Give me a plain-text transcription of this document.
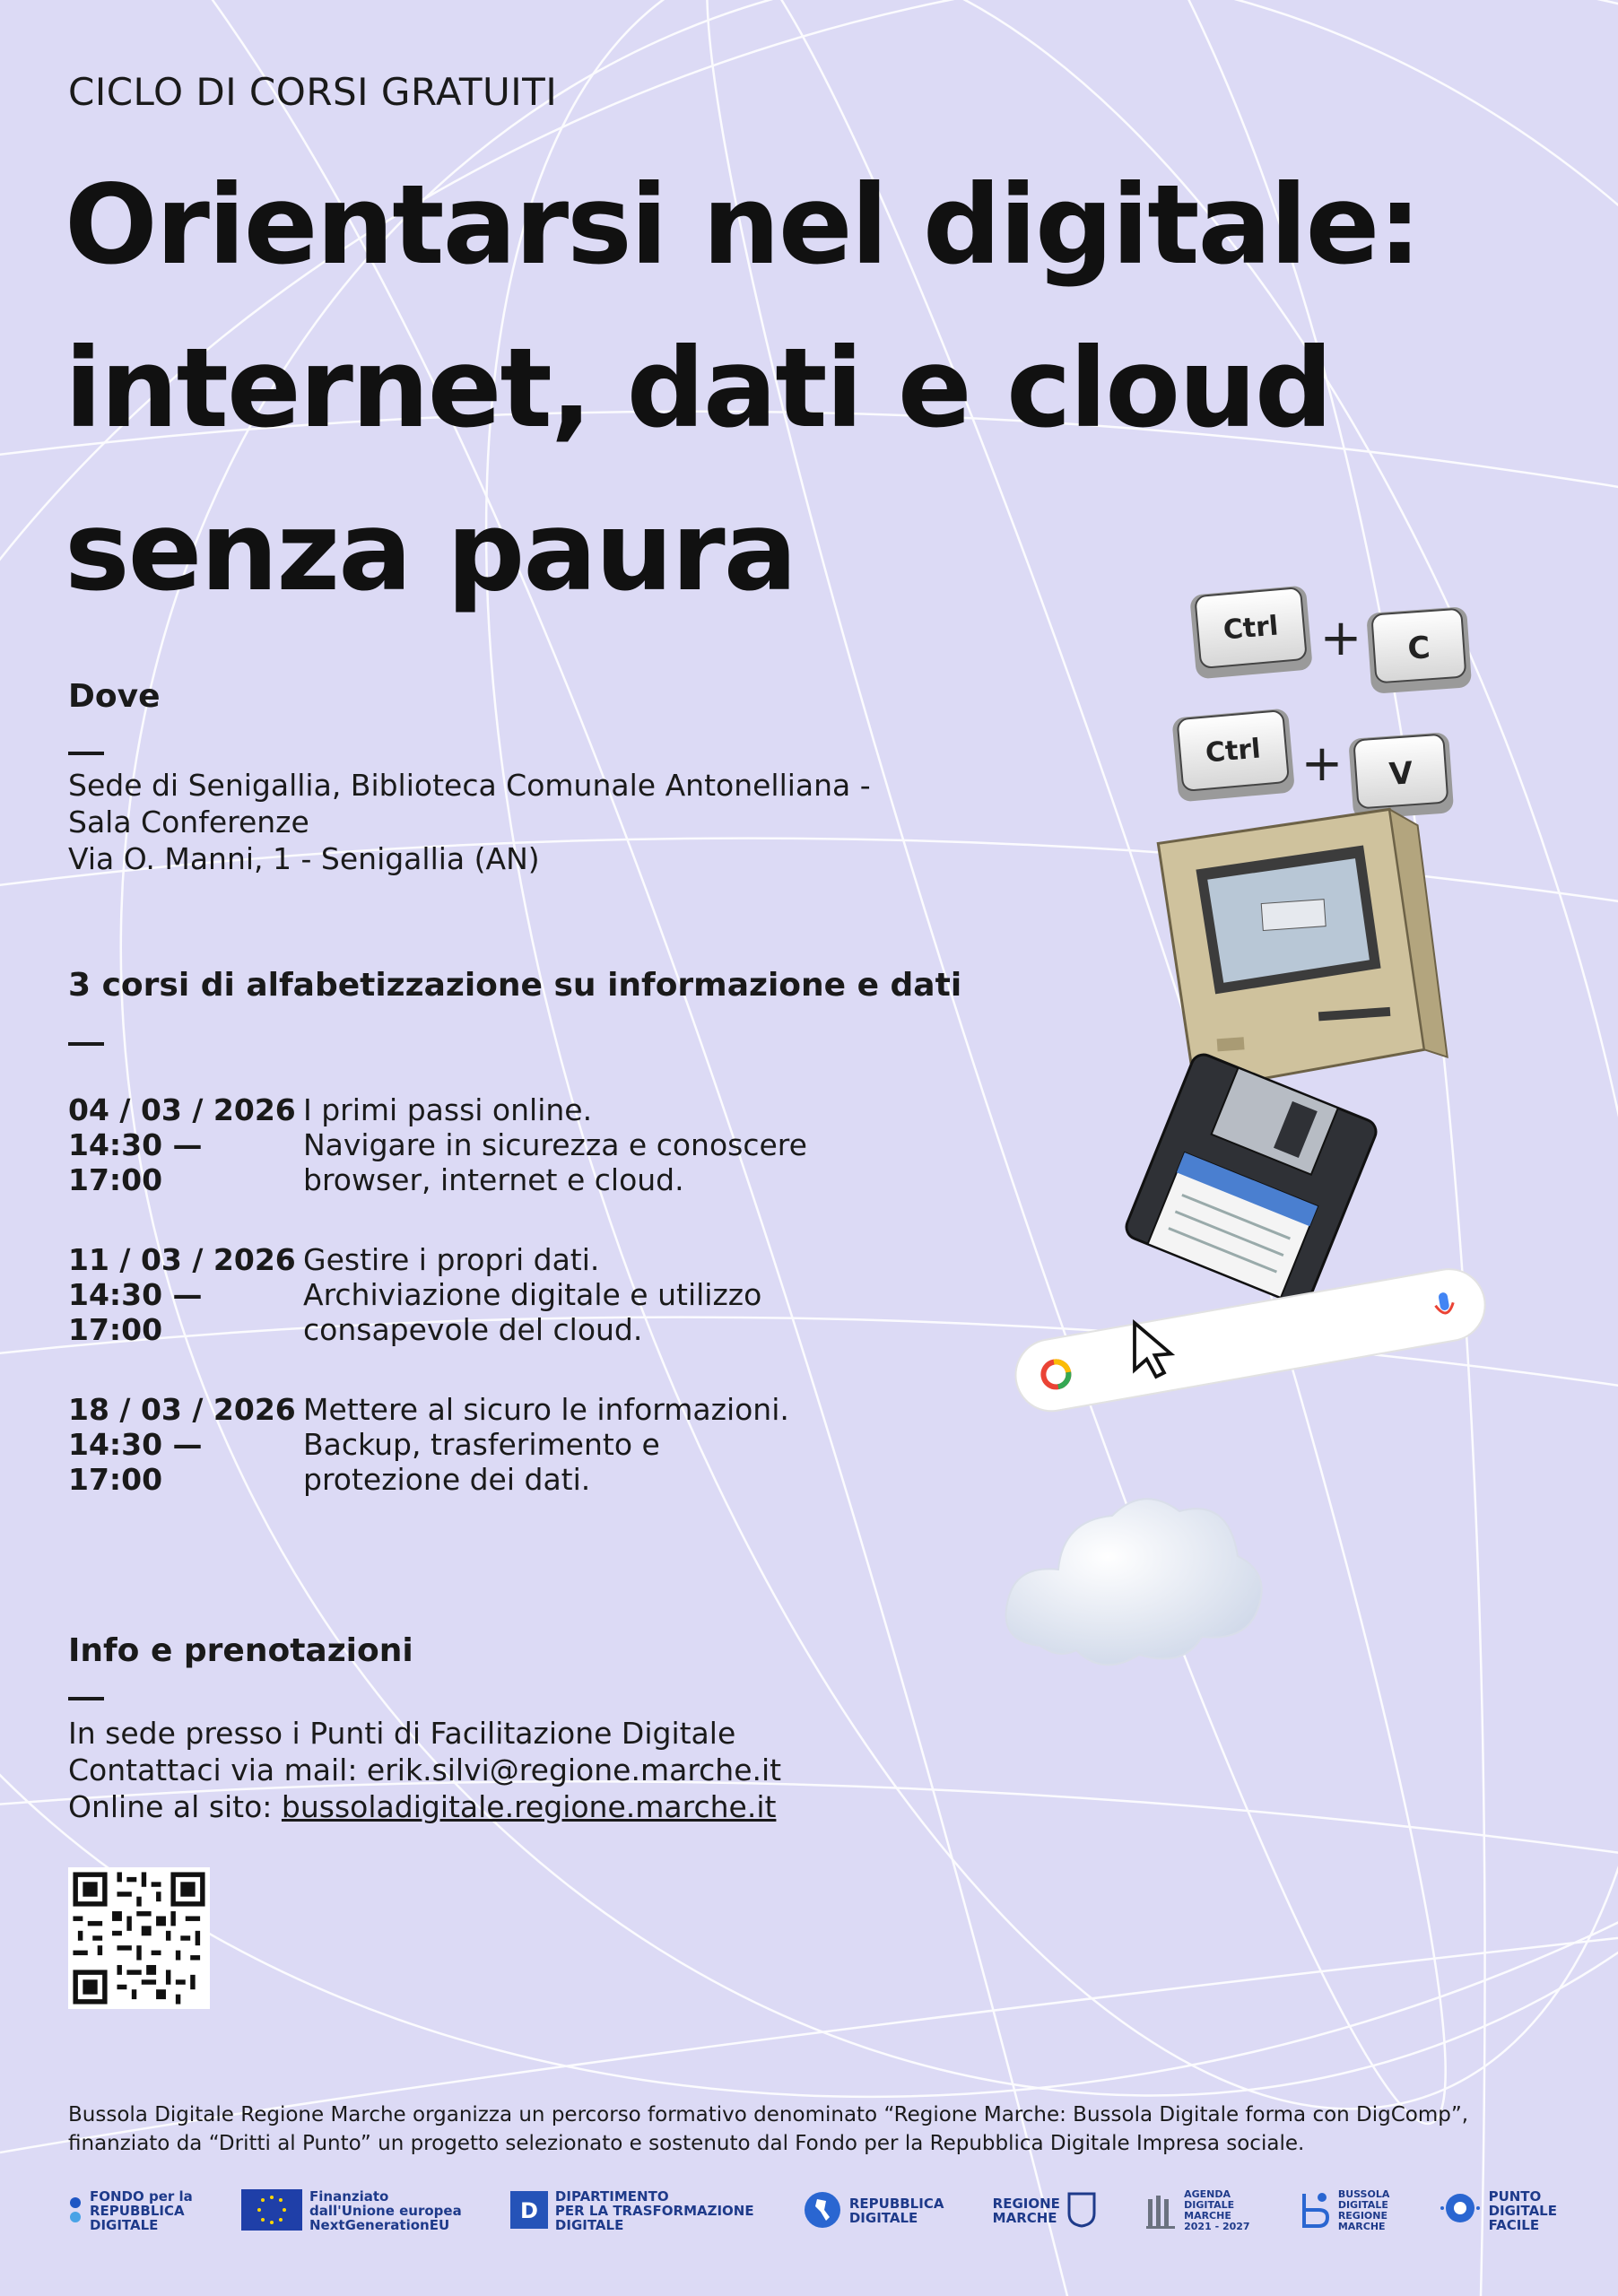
CICLO DI CORSI GRATUITI
Orientarsi nel digitale:
internet, dati e cloud
senza paura
Dove
Sede di Senigallia, Biblioteca Comunale Antonelliana -
Sala Conferenze
Via O. Manni, 1 - Senigallia (AN)
3 corsi di alfabetizzazione su informazione e dati
04 / 03 / 2026
14:30 — 17:00
I primi passi online.
Navigare in sicurezza e conoscere
browser, internet e cloud.
11 / 03 / 2026
14:30 — 17:00
Gestire i propri dati.
Archiviazione digitale e utilizzo
consapevole del cloud.
18 / 03 / 2026
14:30 — 17:00
Mettere al sicuro le informazioni.
Backup, trasferimento e
protezione dei dati.
Info e prenotazioni
In sede presso i Punti di Facilitazione Digitale
Contattaci via mail: erik.silvi@regione.marche.it
Online al sito: bussoladigitale.regione.marche.it
Ctrl + C
Ctrl + V
Bussola Digitale Regione Marche organizza un percorso formativo denominato “Regione Marche: Bussola Digitale forma con DigComp”,
finanziato da “Dritti al Punto” un progetto selezionato e sostenuto dal Fondo per la Repubblica Digitale Impresa sociale.
FONDO per la
REPUBBLICA
DIGITALE
Finanziato
dall'Unione europea
NextGenerationEU
D
DIPARTIMENTO
PER LA TRASFORMAZIONE
DIGITALE
REPUBBLICA
DIGITALE
REGIONE
MARCHE
AGENDA
DIGITALE
MARCHE
2021 - 2027
BUSSOLA
DIGITALE
REGIONE
MARCHE
PUNTO
DIGITALE
FACILE
